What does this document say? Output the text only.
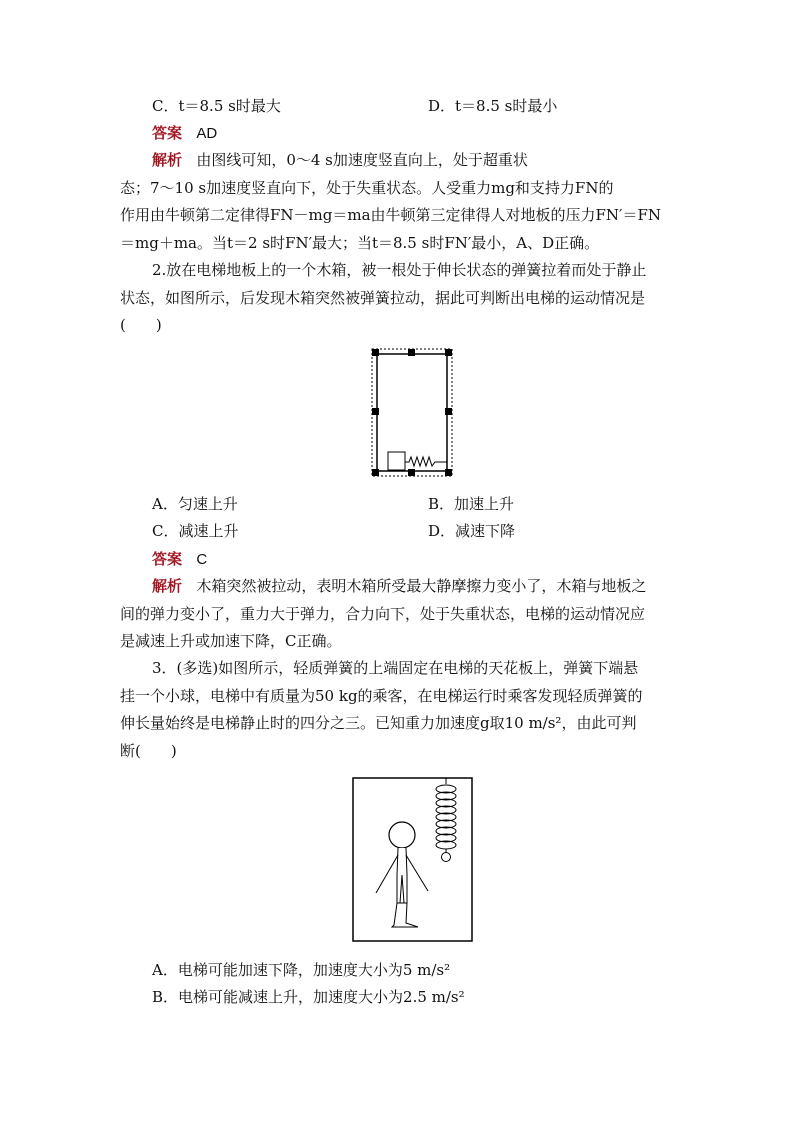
C．t＝8.5 s时最大	D．t＝8.5 s时最小
答案 AD
解析 由图线可知，0～4 s加速度竖直向上，处于超重状
态；7～10 s加速度竖直向下，处于失重状态。人受重力mg和支持力FN的
作用由牛顿第二定律得FN－mg＝ma由牛顿第三定律得人对地板的压力FN′＝FN
＝mg＋ma。当t＝2 s时FN′最大；当t＝8.5 s时FN′最小，A、D正确。
2.放在电梯地板上的一个木箱，被一根处于伸长状态的弹簧拉着而处于静止
状态，如图所示，后发现木箱突然被弹簧拉动，据此可判断出电梯的运动情况是
(　　)
A．匀速上升	B．加速上升
C．减速上升	D．减速下降
答案 C
解析 木箱突然被拉动，表明木箱所受最大静摩擦力变小了，木箱与地板之
间的弹力变小了，重力大于弹力，合力向下，处于失重状态，电梯的运动情况应
是减速上升或加速下降，C正确。
3．(多选)如图所示，轻质弹簧的上端固定在电梯的天花板上，弹簧下端悬
挂一个小球，电梯中有质量为50 kg的乘客，在电梯运行时乘客发现轻质弹簧的
伸长量始终是电梯静止时的四分之三。已知重力加速度g取10 m/s²，由此可判
断(　　)
A．电梯可能加速下降，加速度大小为5 m/s²
B．电梯可能减速上升，加速度大小为2.5 m/s²
